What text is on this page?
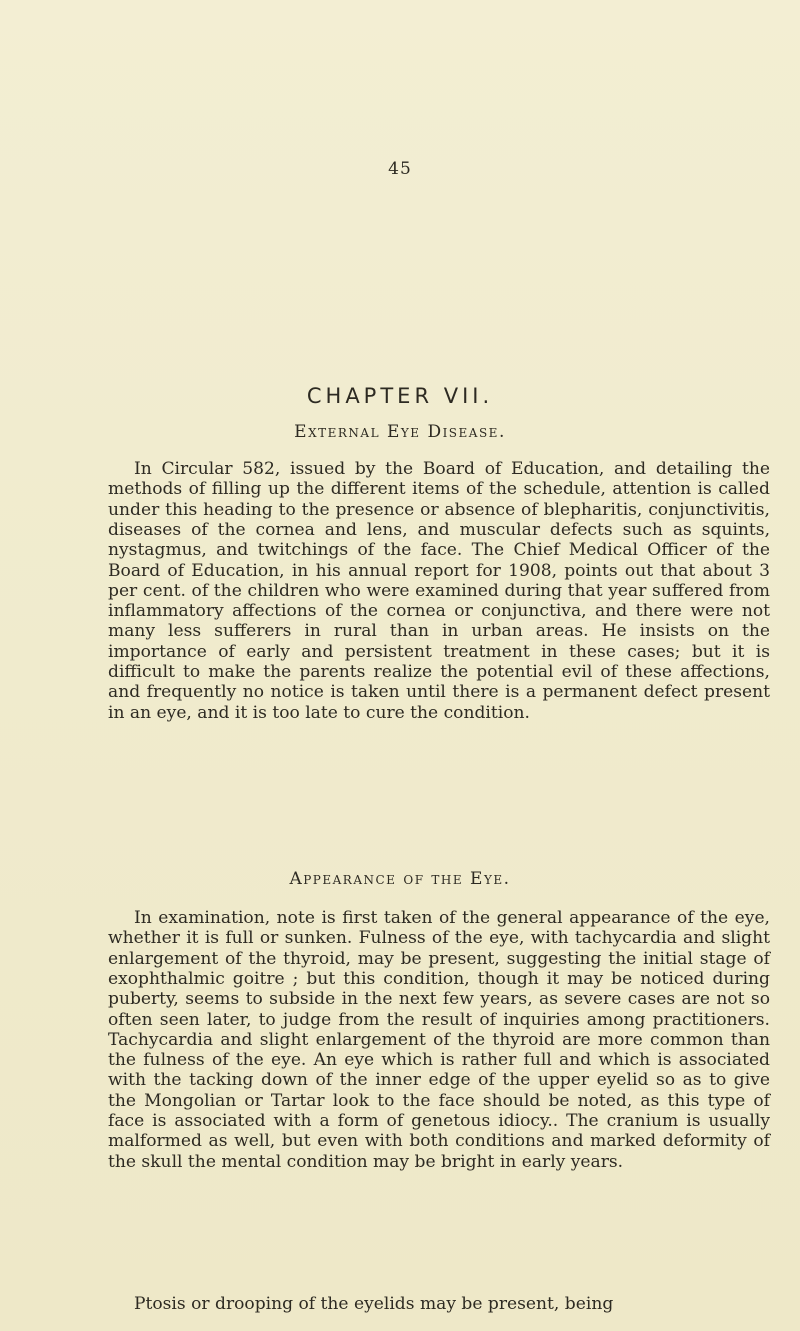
45
CHAPTER VII.
External Eye Disease.

In Circular 582, issued by the Board of Education, and detailing the methods of filling up the different items of the schedule, attention is called under this heading to the presence or absence of blepharitis, conjunctivitis, diseases of the cornea and lens, and muscular defects such as squints, nystagmus, and twitchings of the face. The Chief Medical Officer of the Board of Education, in his annual report for 1908, points out that about 3 per cent. of the children who were examined during that year suffered from inflammatory affections of the cornea or conjunctiva, and there were not many less sufferers in rural than in urban areas. He insists on the importance of early and persistent treatment in these cases; but it is difficult to make the parents realize the potential evil of these affections, and frequently no notice is taken until there is a permanent defect present in an eye, and it is too late to cure the condition.

Appearance of the Eye.

In examination, note is first taken of the general appearance of the eye, whether it is full or sunken. Fulness of the eye, with tachycardia and slight enlargement of the thyroid, may be present, suggesting the initial stage of exophthalmic goitre ; but this condition, though it may be noticed during puberty, seems to subside in the next few years, as severe cases are not so often seen later, to judge from the result of inquiries among practitioners. Tachycardia and slight enlargement of the thyroid are more common than the fulness of the eye. An eye which is rather full and which is associated with the tacking down of the inner edge of the upper eyelid so as to give the Mongolian or Tartar look to the face should be noted, as this type of face is associated with a form of genetous idiocy.. The cranium is usually malformed as well, but even with both conditions and marked deformity of the skull the mental condition may be bright in early years.

Ptosis or drooping of the eyelids may be present, being
